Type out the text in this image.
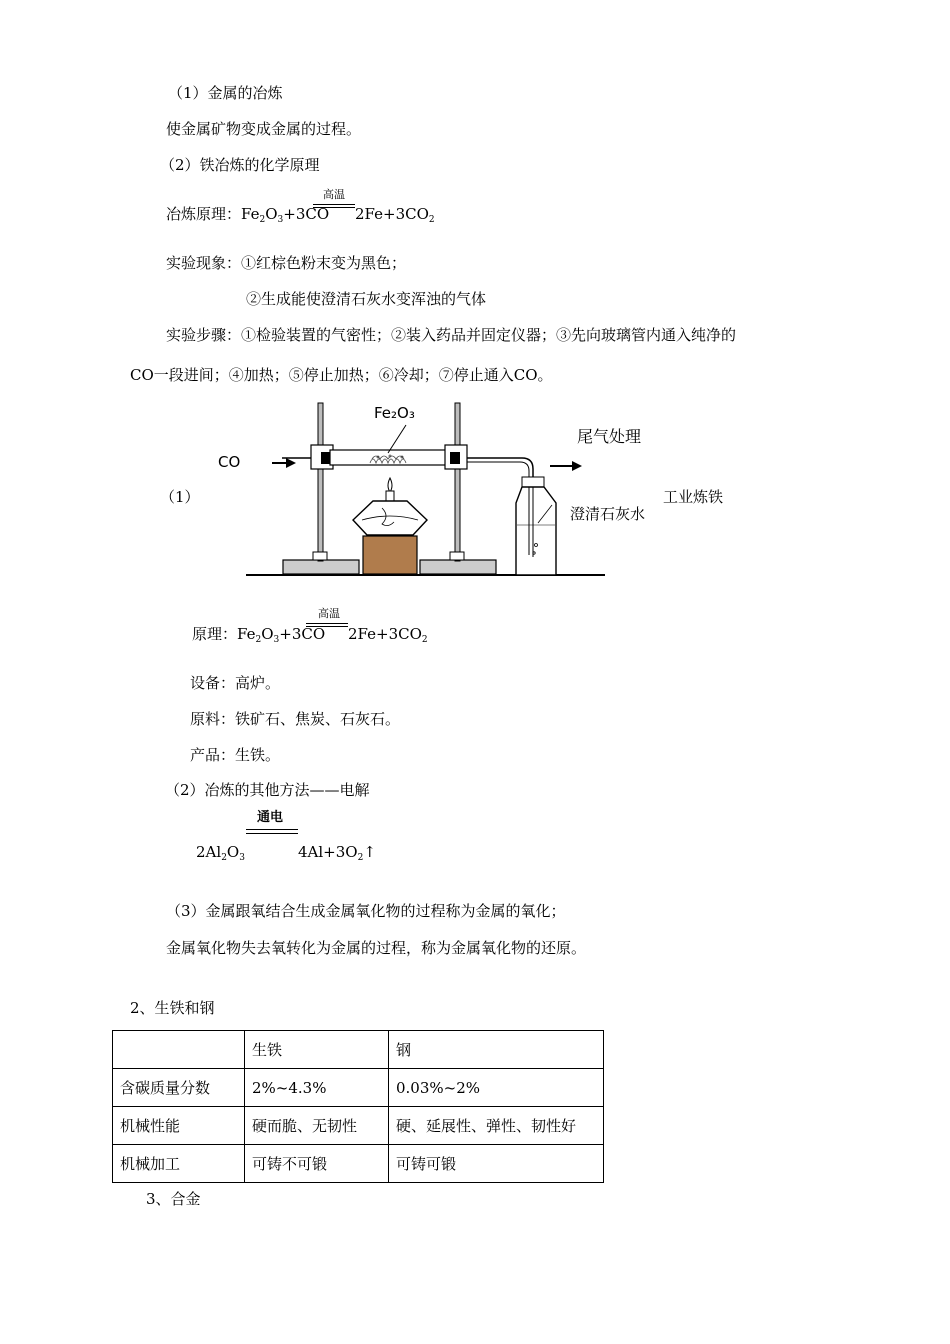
（1）金属的冶炼
使金属矿物变成金属的过程。
（2）铁冶炼的化学原理
冶炼原理：$Fe_2O_3+3CO$
高温
$2Fe+3CO_2$
实验现象：①红棕色粉末变为黑色；
②生成能使澄清石灰水变浑浊的气体
实验步骤：①检验装置的气密性；②装入药品并固定仪器；③先向玻璃管内通入纯净的
CO一段进间；④加热；⑤停止加热；⑥冷却；⑦停止通入CO。
（1）
Fe₂O₃
CO
尾气处理
澄清石灰水
工业炼铁
原理：$Fe_2O_3+3CO$
高温
$2Fe+3CO_2$
设备：高炉。
原料：铁矿石、焦炭、石灰石。
产品：生铁。
（2）冶炼的其他方法——电解
通电
$2Al_2O_3$	$4Al+3O_2↑$
（3）金属跟氧结合生成金属氧化物的过程称为金属的氧化；
金属氧化物失去氧转化为金属的过程，称为金属氧化物的还原。
2、生铁和钢
	生铁	钢
含碳质量分数	2%~4.3%	0.03%~2%
机械性能	硬而脆、无韧性	硬、延展性、弹性、韧性好
机械加工	可铸不可锻	可铸可锻
3、合金
